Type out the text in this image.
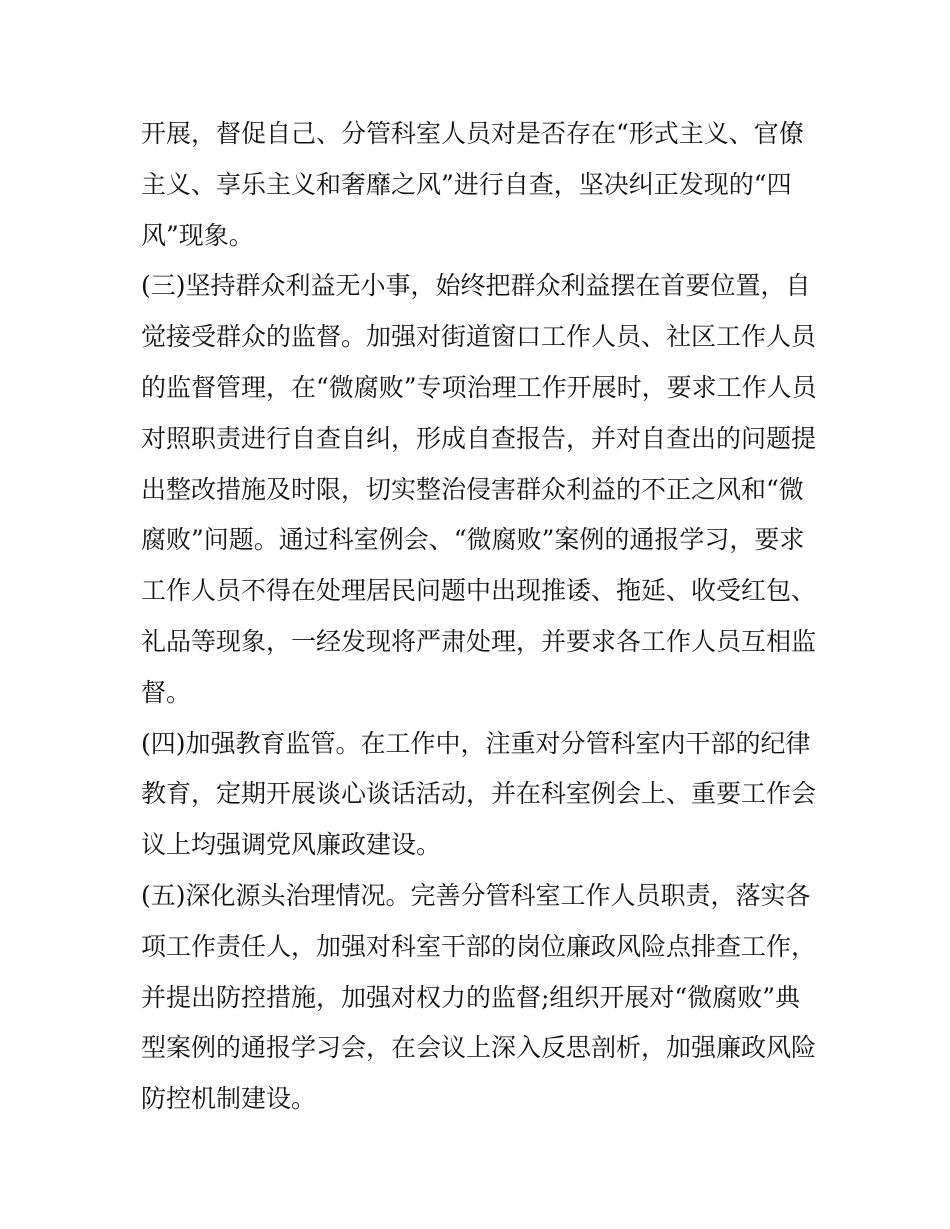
开展，督促自己、分管科室人员对是否存在“形式主义、官僚
主义、享乐主义和奢靡之风”进行自查，坚决纠正发现的“四
风”现象。
(三)坚持群众利益无小事，始终把群众利益摆在首要位置，自
觉接受群众的监督。加强对街道窗口工作人员、社区工作人员
的监督管理，在“微腐败”专项治理工作开展时，要求工作人员
对照职责进行自查自纠，形成自查报告，并对自查出的问题提
出整改措施及时限，切实整治侵害群众利益的不正之风和“微
腐败”问题。通过科室例会、“微腐败”案例的通报学习，要求
工作人员不得在处理居民问题中出现推诿、拖延、收受红包、
礼品等现象，一经发现将严肃处理，并要求各工作人员互相监
督。
(四)加强教育监管。在工作中，注重对分管科室内干部的纪律
教育，定期开展谈心谈话活动，并在科室例会上、重要工作会
议上均强调党风廉政建设。
(五)深化源头治理情况。完善分管科室工作人员职责，落实各
项工作责任人，加强对科室干部的岗位廉政风险点排查工作，
并提出防控措施，加强对权力的监督;组织开展对“微腐败”典
型案例的通报学习会，在会议上深入反思剖析，加强廉政风险
防控机制建设。
